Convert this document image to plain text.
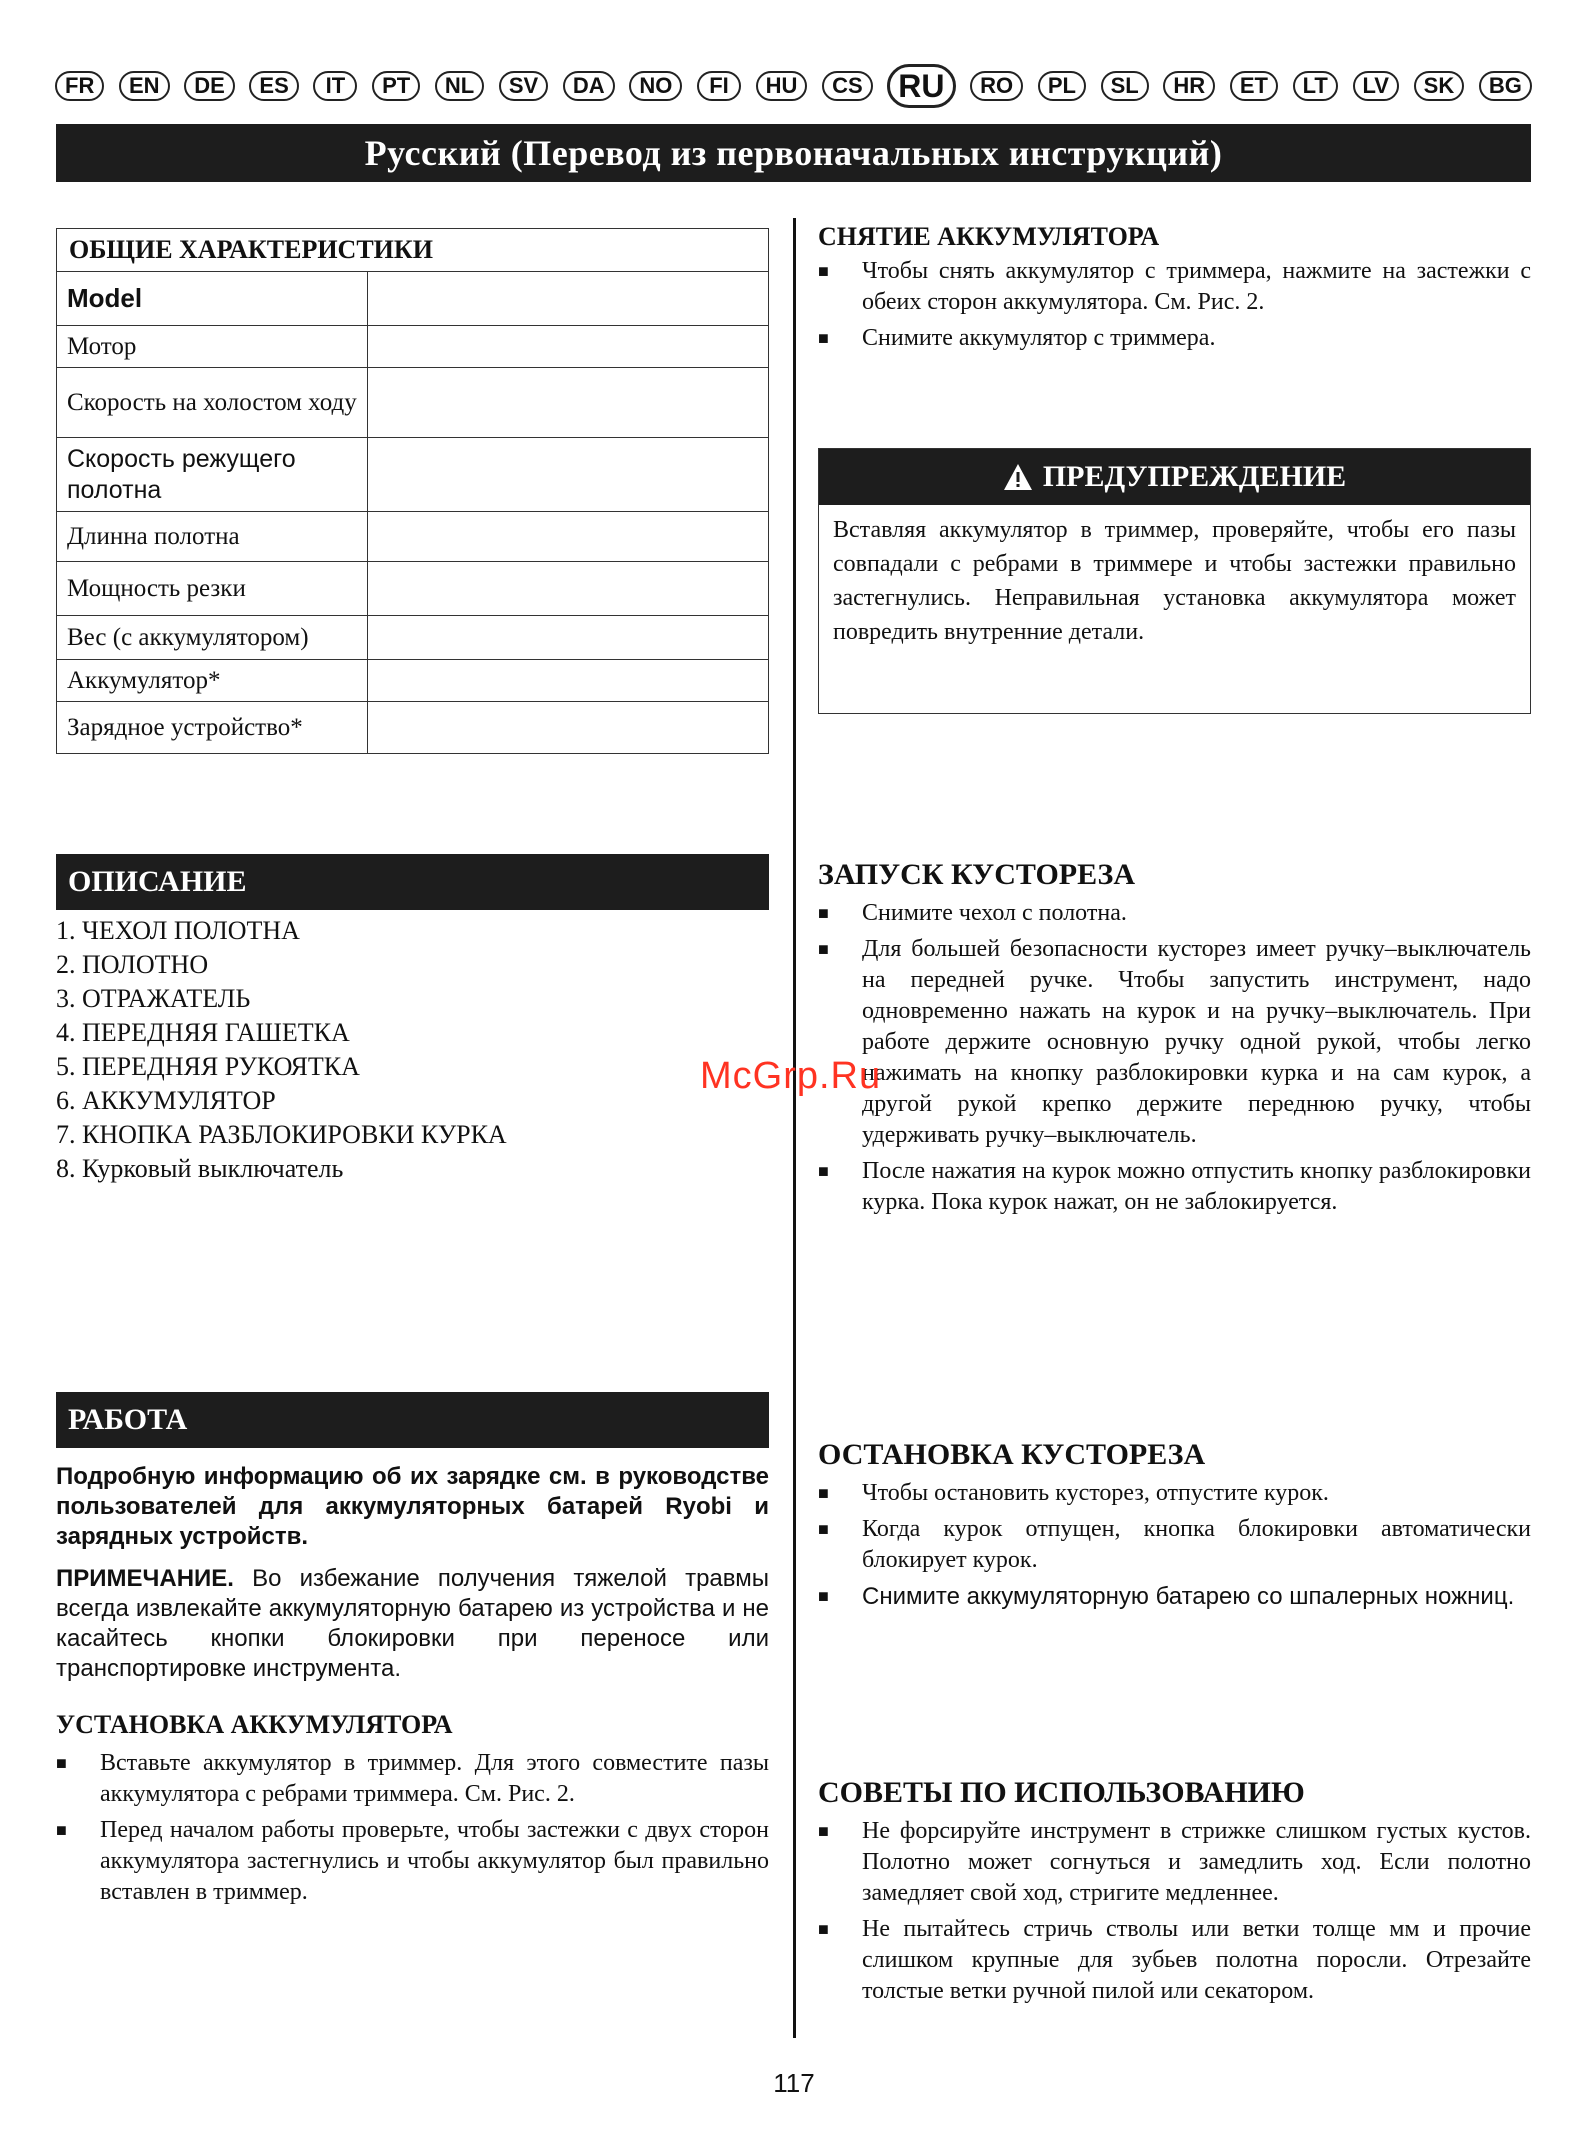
FR	EN	DE	ES	IT	PT	NL	SV	DA	NO	FI	HU	CS	RU	RO	PL	SL	HR	ET	LT	LV	SK	BG
Русский (Перевод из первоначальных инструкций)
ОБЩИЕ ХАРАКТЕРИСТИКИ	
Model	
Мотор	
Скорость на холостом ходу	
Скорость режущего полотна	
Длинна полотна	
Мощность резки	
Вес (с аккумулятором)	
Аккумулятор*	
Зарядное устройство*	
ОПИСАНИЕ
1. ЧЕХОЛ ПОЛОТНА
2. ПОЛОТНО
3. ОТРАЖАТЕЛЬ
4. ПЕРЕДНЯЯ ГАШЕТКА
5. ПЕРЕДНЯЯ РУКОЯТКА
6. АККУМУЛЯТОР
7. КНОПКА РАЗБЛОКИРОВКИ КУРКА
8. Курковый выключатель
РАБОТА
Подробную информацию об их зарядке см. в руководстве пользователей для аккумуляторных батарей Ryobi и зарядных устройств.
ПРИМЕЧАНИЕ. Во избежание получения тяжелой травмы всегда извлекайте аккумуляторную батарею из устройства и не касайтесь кнопки блокировки при переносе или транспортировке инструмента.
УСТАНОВКА АККУМУЛЯТОРА
■ Вставьте аккумулятор в триммер. Для этого совместите пазы аккумулятора с ребрами триммера. См. Рис. 2.
■ Перед началом работы проверьте, чтобы застежки с двух сторон аккумулятора застегнулись и чтобы аккумулятор был правильно вставлен в триммер.
СНЯТИЕ АККУМУЛЯТОРА
■ Чтобы снять аккумулятор с триммера, нажмите на застежки с обеих сторон аккумулятора. См. Рис. 2.
■ Снимите аккумулятор с триммера.
ПРЕДУПРЕЖДЕНИЕ
Вставляя аккумулятор в триммер, проверяйте, чтобы его пазы совпадали с ребрами в триммере и чтобы застежки правильно застегнулись. Неправильная установка аккумулятора может повредить внутренние детали.
ЗАПУСК КУСТОРЕЗА
■ Снимите чехол с полотна.
■ Для большей безопасности кусторез имеет ручку–выключатель на передней ручке. Чтобы запустить инструмент, надо одновременно нажать на курок и на ручку–выключатель. При работе держите основную ручку одной рукой, чтобы легко нажимать на кнопку разблокировки курка и на сам курок, а другой рукой крепко держите переднюю ручку, чтобы удерживать ручку–выключатель.
■ После нажатия на курок можно отпустить кнопку разблокировки курка. Пока курок нажат, он не заблокируется.
ОСТАНОВКА КУСТОРЕЗА
■ Чтобы остановить кусторез, отпустите курок.
■ Когда курок отпущен, кнопка блокировки автоматически блокирует курок.
■ Снимите аккумуляторную батарею со шпалерных ножниц.
СОВЕТЫ ПО ИСПОЛЬЗОВАНИЮ
■ Не форсируйте инструмент в стрижке слишком густых кустов. Полотно может согнуться и замедлить ход. Если полотно замедляет свой ход, стригите медленнее.
■ Не пытайтесь стричь стволы или ветки толще мм и прочие слишком крупные для зубьев полотна поросли. Отрезайте толстые ветки ручной пилой или секатором.
McGrp.Ru
117
